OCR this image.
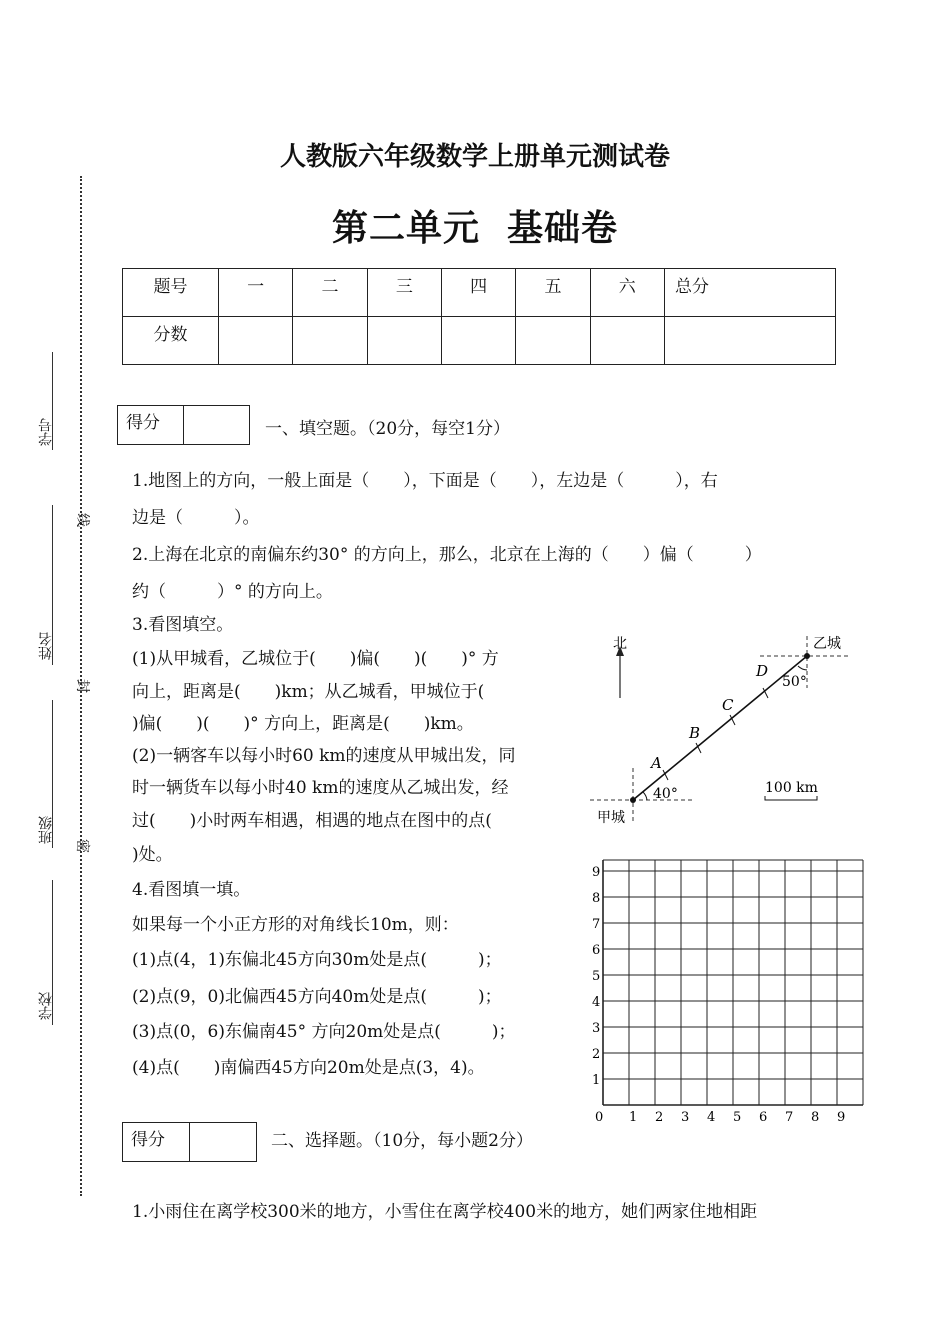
人教版六年级数学上册单元测试卷
第二单元  基础卷
题号	一	二	三	四	五	六	总分
分数							
学号
姓名
班级
学校
线
封
密
得分	一、填空题。（20分，每空1分）
1.地图上的方向，一般上面是（　　），下面是（　　），左边是（　　　），右
边是（　　　）。
2.上海在北京的南偏东约30° 的方向上，那么，北京在上海的（　　）偏（　　　）
约（　　　）° 的方向上。
3.看图填空。
(1)从甲城看，乙城位于(　　)偏(　　)(　　)° 方
向上，距离是(　　)km；从乙城看，甲城位于(
)偏(　　)(　　)° 方向上，距离是(　　)km。
(2)一辆客车以每小时60 km的速度从甲城出发，同
时一辆货车以每小时40 km的速度从乙城出发，经
过(　　)小时两车相遇，相遇的地点在图中的点(
)处。
4.看图填一填。
如果每一个小正方形的对角线长10m，则：
(1)点(4，1)东偏北45方向30m处是点(　　　)；
(2)点(9，0)北偏西45方向40m处是点(　　　)；
(3)点(0，6)东偏南45° 方向20m处是点(　　　)；
(4)点(　　)南偏西45方向20m处是点(3，4)。
北
A
B
C
D
40°
50°
甲城
乙城
100 km
0 1 2 3 4 5 6 7 8 9
1
2
3
4
5
6
7
8
9
得分	二、选择题。（10分，每小题2分）
1.小雨住在离学校300米的地方，小雪住在离学校400米的地方，她们两家住地相距
